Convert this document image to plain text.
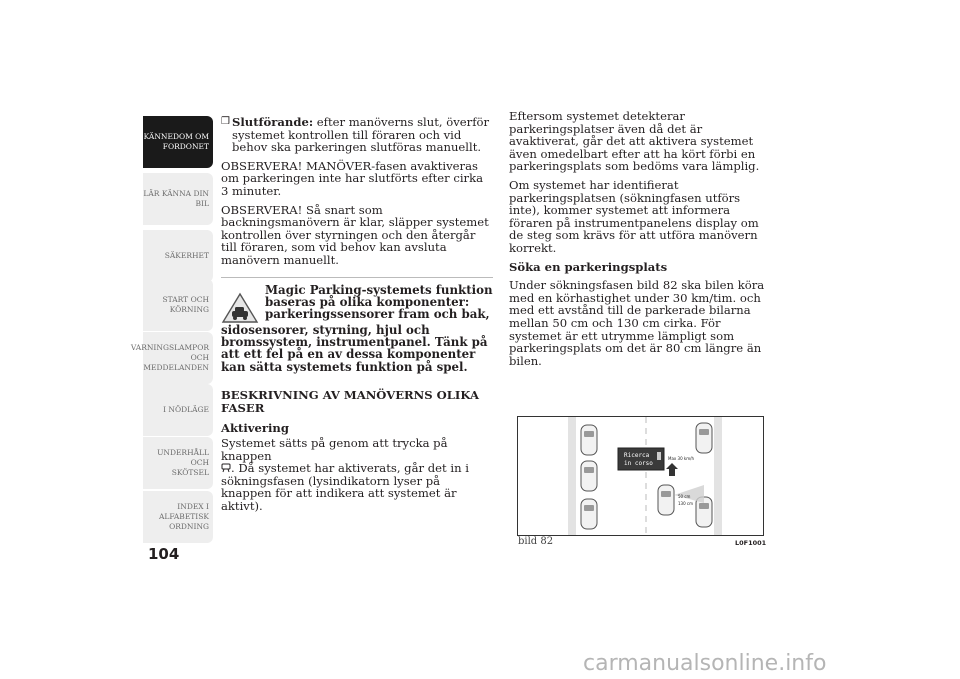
KÄNNEDOM OM
FORDONET
LÄR KÄNNA DIN
BIL
SÄKERHET
START OCH
KÖRNING
VARNINGSLAMPOR
OCH
MEDDELANDEN
I NÖDLÄGE
UNDERHÅLL OCH
SKÖTSEL
INDEX I
ALFABETISK
ORDNING
104

❒ Slutförande: efter manöverns slut, överför systemet kontrollen till föraren och vid behov ska parkeringen slutföras manuellt.

OBSERVERA! MANÖVER-fasen avaktiveras om parkeringen inte har slutförts efter cirka 3 minuter.

OBSERVERA! Så snart som backningsmanövern är klar, släpper systemet kontrollen över styrningen och den återgår till föraren, som vid behov kan avsluta manövern manuellt.

Magic Parking-systemets funktion baseras på olika komponenter: parkeringssensorer fram och bak,
sidosensorer, styrning, hjul och bromssystem, instrumentpanel. Tänk på att ett fel på en av dessa komponenter kan sätta systemets funktion på spel.

BESKRIVNING AV MANÖVERNS OLIKA FASER

Aktivering

Systemet sätts på genom att trycka på knappen
. Då systemet har aktiverats, går det in i sökningsfasen (lysindikatorn lyser på knappen för att indikera att systemet är aktivt).

Eftersom systemet detekterar parkeringsplatser även då det är avaktiverat, går det att aktivera systemet även omedelbart efter att ha kört förbi en parkeringsplats som bedöms vara lämplig.

Om systemet har identifierat parkeringsplatsen (sökningfasen utförs inte), kommer systemet att informera föraren på instrumentpanelens display om de steg som krävs för att utföra manövern korrekt.

Söka en parkeringsplats

Under sökningsfasen bild 82 ska bilen köra med en körhastighet under 30 km/tim. och med ett avstånd till de parkerade bilarna mellan 50 cm och 130 cm cirka. För systemet är ett utrymme lämpligt som parkeringsplats om det är 80 cm längre än bilen.

Ricerca
in corso
Max 30 km/h
50 cm
130 cm
bild 82	L0F1001
carmanualsonline.info
